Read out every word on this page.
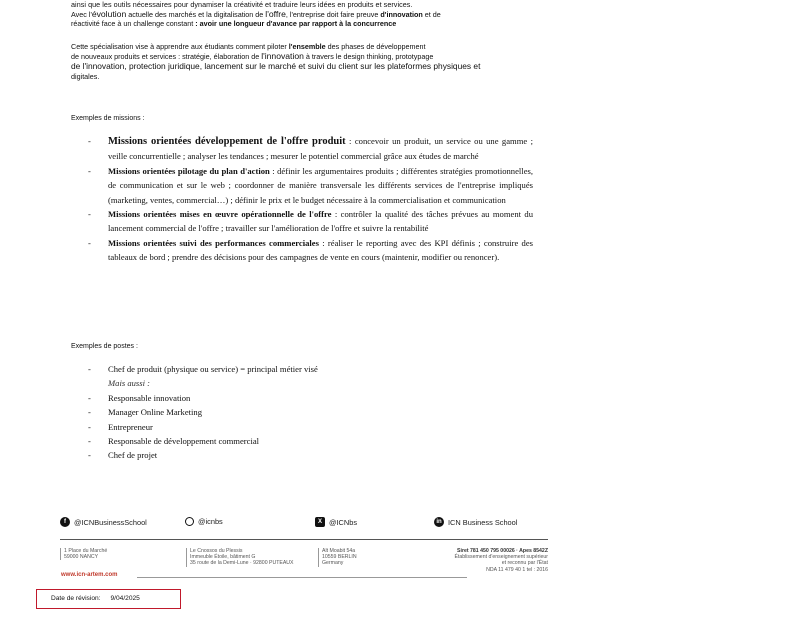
ainsi que les outils nécessaires pour dynamiser la créativité et traduire leurs idées en produits et services.
Avec l'évolution actuelle des marchés et la digitalisation de l'offre, l'entreprise doit faire preuve d'innovation et de
réactivité face à un challenge constant : avoir une longueur d'avance par rapport à la concurrence
Cette spécialisation vise à apprendre aux étudiants comment piloter l'ensemble des phases de développement
de nouveaux produits et services : stratégie, élaboration de l'innovation à travers le design thinking, prototypage
de l'innovation, protection juridique, lancement sur le marché et suivi du client sur les plateformes physiques et
digitales.
Exemples de missions :
- Missions orientées développement de l'offre produit : concevoir un produit, un service ou une gamme ; veille concurrentielle ; analyser les tendances ; mesurer le potentiel commercial grâce aux études de marché
- Missions orientées pilotage du plan d'action : définir les argumentaires produits ; différentes stratégies promotionnelles, de communication et sur le web ; coordonner de manière transversale les différents services de l'entreprise impliqués (marketing, ventes, commercial…) ; définir le prix et le budget nécessaire à la commercialisation et communication
- Missions orientées mises en œuvre opérationnelle de l'offre : contrôler la qualité des tâches prévues au moment du lancement commercial de l'offre ; travailler sur l'amélioration de l'offre et suivre la rentabilité
- Missions orientées suivi des performances commerciales : réaliser le reporting avec des KPI définis ; construire des tableaux de bord ; prendre des décisions pour des campagnes de vente en cours (maintenir, modifier ou renoncer).
Exemples de postes :
- Chef de produit (physique ou service) = principal métier visé
Mais aussi :
- Responsable innovation
- Manager Online Marketing
- Entrepreneur
- Responsable de développement commercial
- Chef de projet
f	@ICNBusinessSchool	@icnbs	X @ICNbs	in ICN Business School
1 Place du Marché
59000 NANCY
Le Cnossos du Plessis
Immeuble Étoile, bâtiment G
35 route de la Demi-Lune · 92800 PUTEAUX
Alt Moabit 54a
10559 BERLIN
Germany
Siret 781 450 795 00026 · Apes 8542Z
Établissement d'enseignement supérieur
et reconnu par l'État
NDA 11 479 40 1 tel : 2016
www.icn-artem.com
Date de révision: 9/04/2025
